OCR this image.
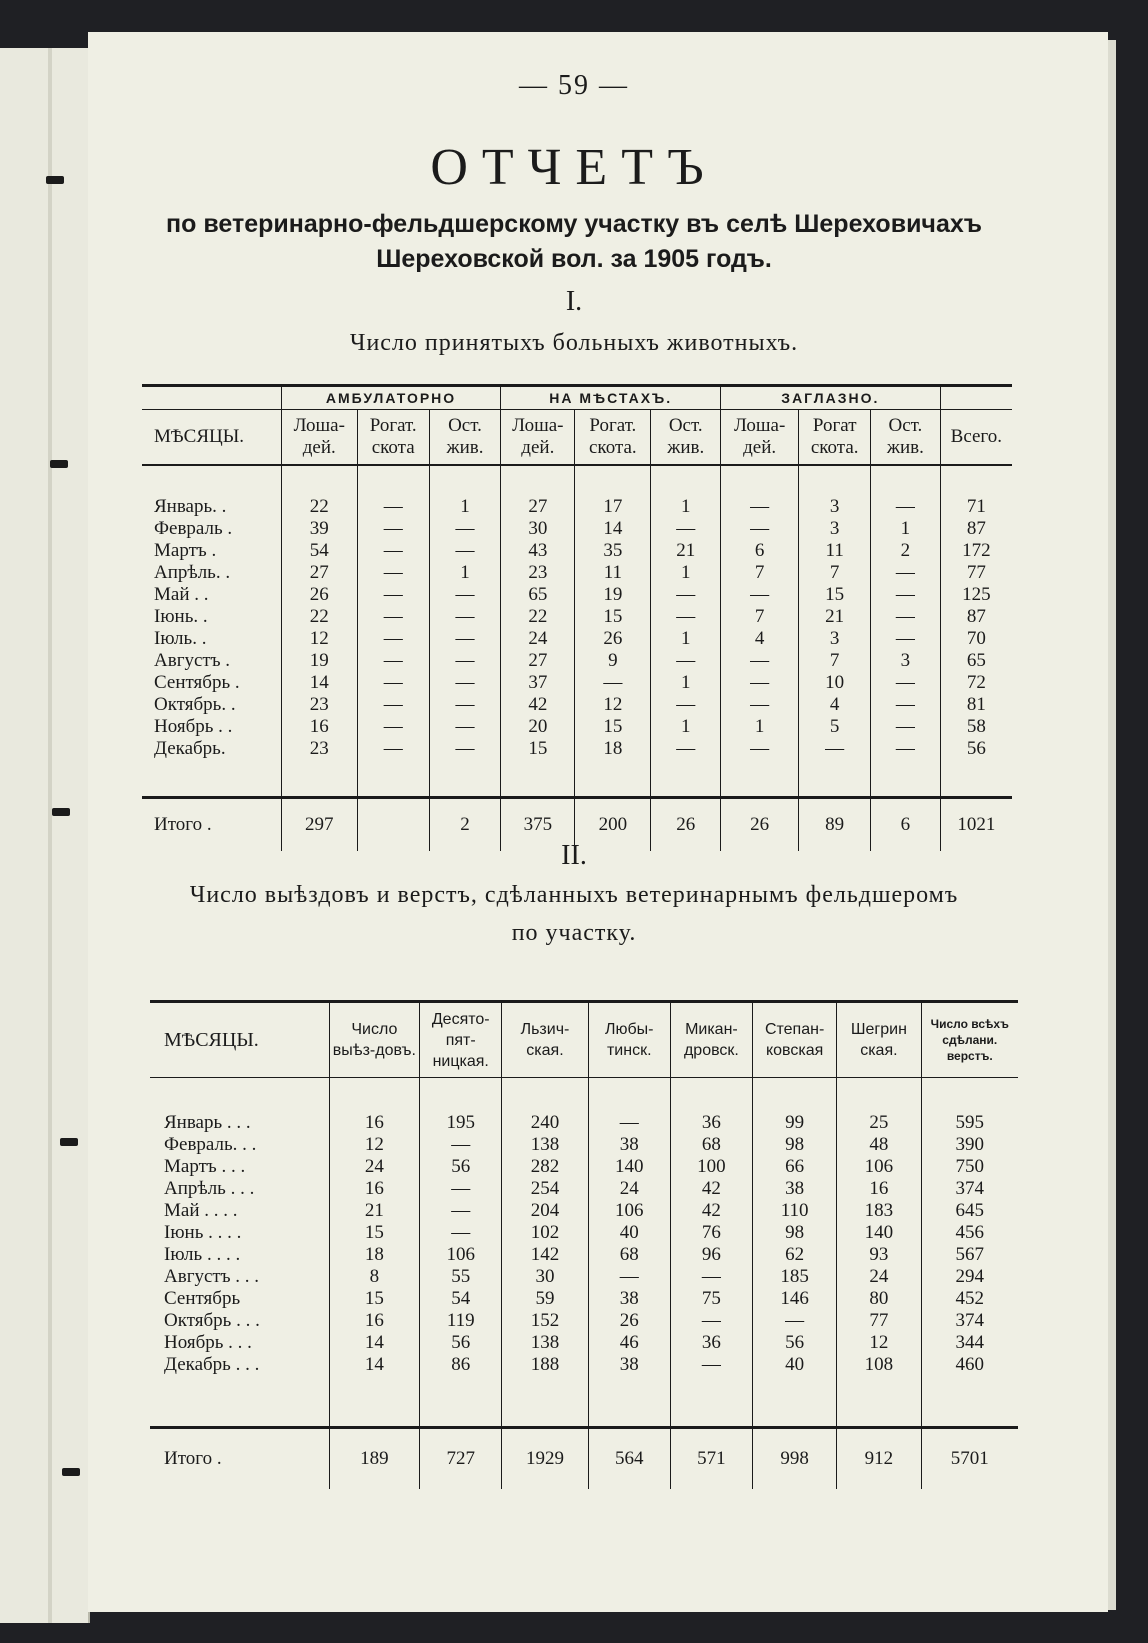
— 59 —
ОТЧЕТЪ
по ветеринарно-фельдшерскому участку въ селѣ Шереховичахъ
Шереховской вол. за 1905 годъ.
I.
Число принятыхъ больныхъ животныхъ.
	АМБУЛАТОРНО			НА МѢСТАХЪ.			ЗАГЛАЗНО.			
МѢСЯЦЫ.	Лоша-дей.	Рогат. скота	Ост. жив.	Лоша-дей.	Рогат. скота.	Ост. жив.	Лоша-дей.	Рогат скота.	Ост. жив.	Всего.

Январь. .	22	—	1	27	17	1	—	3	—	71
Февраль .	39	—	—	30	14	—	—	3	1	87
Мартъ .	54	—	—	43	35	21	6	11	2	172
Апрѣль. .	27	—	1	23	11	1	7	7	—	77
Май . .	26	—	—	65	19	—	—	15	—	125
Іюнь. .	22	—	—	22	15	—	7	21	—	87
Іюль. .	12	—	—	24	26	1	4	3	—	70
Августъ .	19	—	—	27	9	—	—	7	3	65
Сентябрь .	14	—	—	37	—	1	—	10	—	72
Октябрь. .	23	—	—	42	12	—	—	4	—	81
Ноябрь . .	16	—	—	20	15	1	1	5	—	58
Декабрь.	23	—	—	15	18	—	—	—	—	56

Итого .	297		2	375	200	26	26	89	6	1021
II.
Число выѣздовъ и верстъ, сдѣланныхъ ветеринарнымъ фельдшеромъ
по участку.
МѢСЯЦЫ.	Число выѣз-довъ.	Десято-пят-ницкая.	Льзич-ская.	Любы-тинск.	Микан-дровск.	Степан-ковская	Шегрин ская.	Число всѣхъ сдѣлани. верстъ.

Январь . . .	16	195	240	—	36	99	25	595
Февраль. . .	12	—	138	38	68	98	48	390
Мартъ . . .	24	56	282	140	100	66	106	750
Апрѣль . . .	16	—	254	24	42	38	16	374
Май . . . .	21	—	204	106	42	110	183	645
Іюнь . . . .	15	—	102	40	76	98	140	456
Іюль . . . .	18	106	142	68	96	62	93	567
Августъ . . .	8	55	30	—	—	185	24	294
Сентябрь	15	54	59	38	75	146	80	452
Октябрь . . .	16	119	152	26	—	—	77	374
Ноябрь . . .	14	56	138	46	36	56	12	344
Декабрь . . .	14	86	188	38	—	40	108	460

Итого .	189	727	1929	564	571	998	912	5701
